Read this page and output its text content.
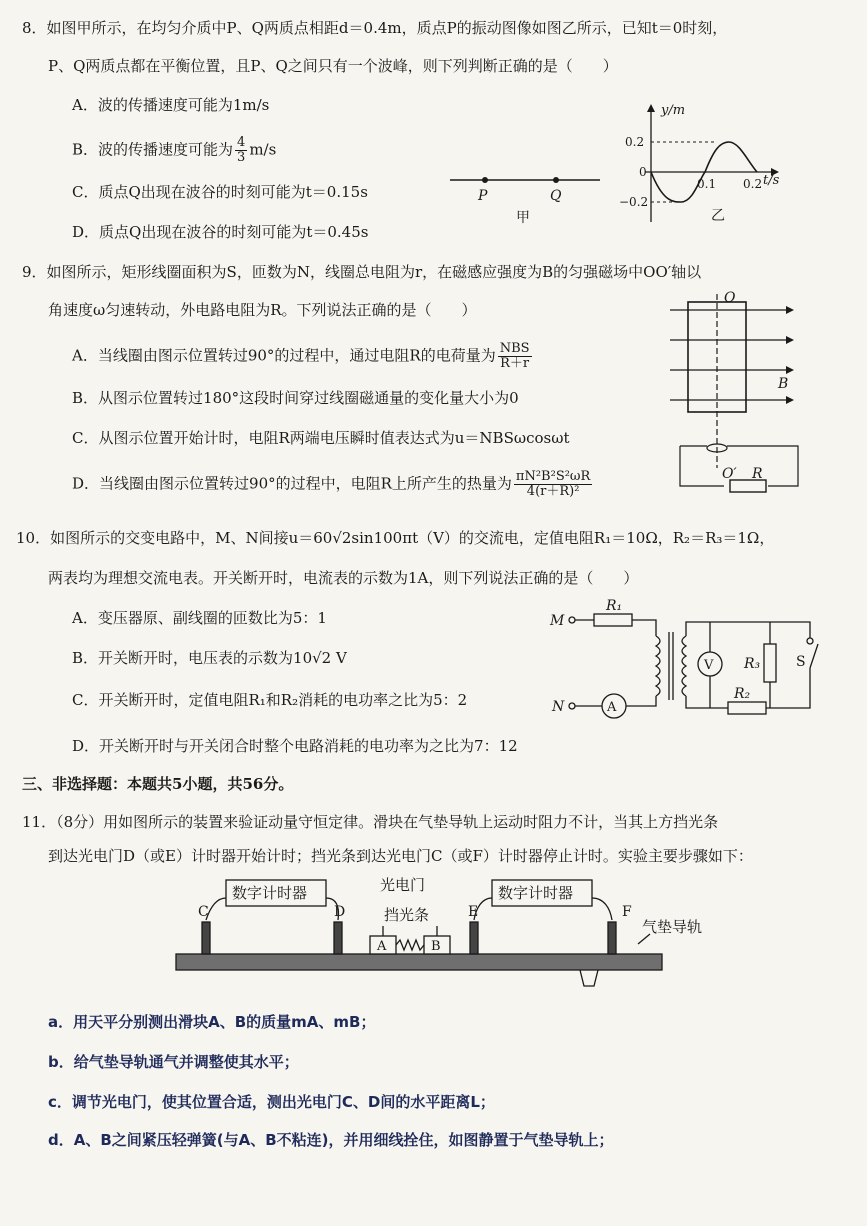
8．如图甲所示，在均匀介质中P、Q两质点相距d＝0.4m，质点P的振动图像如图乙所示，已知t＝0时刻，
P、Q两质点都在平衡位置，且P、Q之间只有一个波峰，则下列判断正确的是（　　）
A．波的传播速度可能为1m/s
B．波的传播速度可能为 $\frac{4}{3} m/s$
C．质点Q出现在波谷的时刻可能为t＝0.15s
D．质点Q出现在波谷的时刻可能为t＝0.45s
P	Q
甲
y/m
t/s
0.2
0
−0.2
0.1 0.2
乙
9．如图所示，矩形线圈面积为S，匝数为N，线圈总电阻为r，在磁感应强度为B的匀强磁场中OO′轴以
角速度ω匀速转动，外电路电阻为R。下列说法正确的是（　　）
A．当线圈由图示位置转过90°的过程中，通过电阻R的电荷量为 $\frac{\text{NBS}}{R+r}$
B．从图示位置转过180°这段时间穿过线圈磁通量的变化量大小为0
C．从图示位置开始计时，电阻R两端电压瞬时值表达式为u＝NBSωcosωt
D．当线圈由图示位置转过90°的过程中，电阻R上所产生的热量为 $\frac{\text{πN²B²S²ωR}}{\text{4(r＋R)²}}$
O
B
O′ R
10．如图所示的交变电路中，M、N间接u＝60√2sin100πt（V）的交流电，定值电阻R₁＝10Ω，R₂＝R₃＝1Ω，
两表均为理想交流电表。开关断开时，电流表的示数为1A，则下列说法正确的是（　　）
A．变压器原、副线圈的匝数比为5：1
B．开关断开时，电压表的示数为10√2 V
C．开关断开时，定值电阻R₁和R₂消耗的电功率之比为5：2
D．开关断开时与开关闭合时整个电路消耗的电功率为之比为7：12
M
N
R₁
A
V R₃
R₂
S
三、非选择题：本题共5小题，共56分。
11．（8分）用如图所示的装置来验证动量守恒定律。滑块在气垫导轨上运动时阻力不计，当其上方挡光条
到达光电门D（或E）计时器开始计时；挡光条到达光电门C（或F）计时器停止计时。实验主要步骤如下：
数字计时器	数字计时器
光电门
挡光条
气垫导轨
C	D	E	F
A	B
a．用天平分别测出滑块A、B的质量mA、mB；
b．给气垫导轨通气并调整使其水平；
c．调节光电门，使其位置合适，测出光电门C、D间的水平距离L；
d．A、B之间紧压轻弹簧(与A、B不粘连)，并用细线拴住，如图静置于气垫导轨上；
